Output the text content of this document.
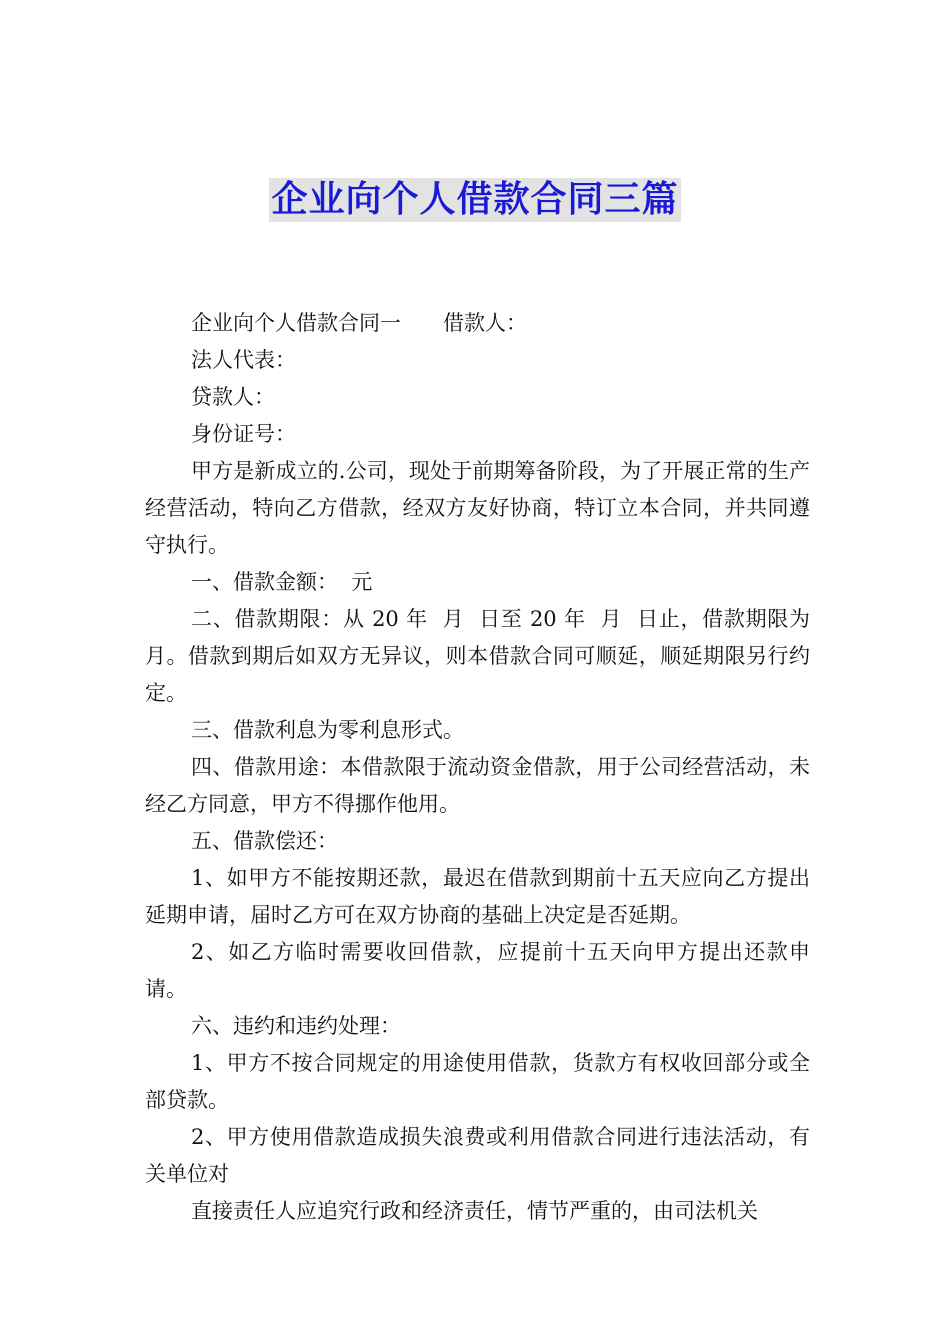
企业向个人借款合同三篇

企业向个人借款合同一　　借款人：

法人代表：

贷款人：

身份证号：

甲方是新成立的.公司，现处于前期筹备阶段，为了开展正常的生产经营活动，特向乙方借款，经双方友好协商，特订立本合同，并共同遵守执行。

一、借款金额：  元

二、借款期限：从 20 年  月  日至 20 年  月  日止，借款期限为  月。借款到期后如双方无异议，则本借款合同可顺延，顺延期限另行约定。

三、借款利息为零利息形式。

四、借款用途：本借款限于流动资金借款，用于公司经营活动，未经乙方同意，甲方不得挪作他用。

五、借款偿还：

1、如甲方不能按期还款，最迟在借款到期前十五天应向乙方提出延期申请，届时乙方可在双方协商的基础上决定是否延期。

2、如乙方临时需要收回借款，应提前十五天向甲方提出还款申请。

六、违约和违约处理：

1、甲方不按合同规定的用途使用借款，货款方有权收回部分或全部贷款。

2、甲方使用借款造成损失浪费或利用借款合同进行违法活动，有关单位对

直接责任人应追究行政和经济责任，情节严重的，由司法机关
